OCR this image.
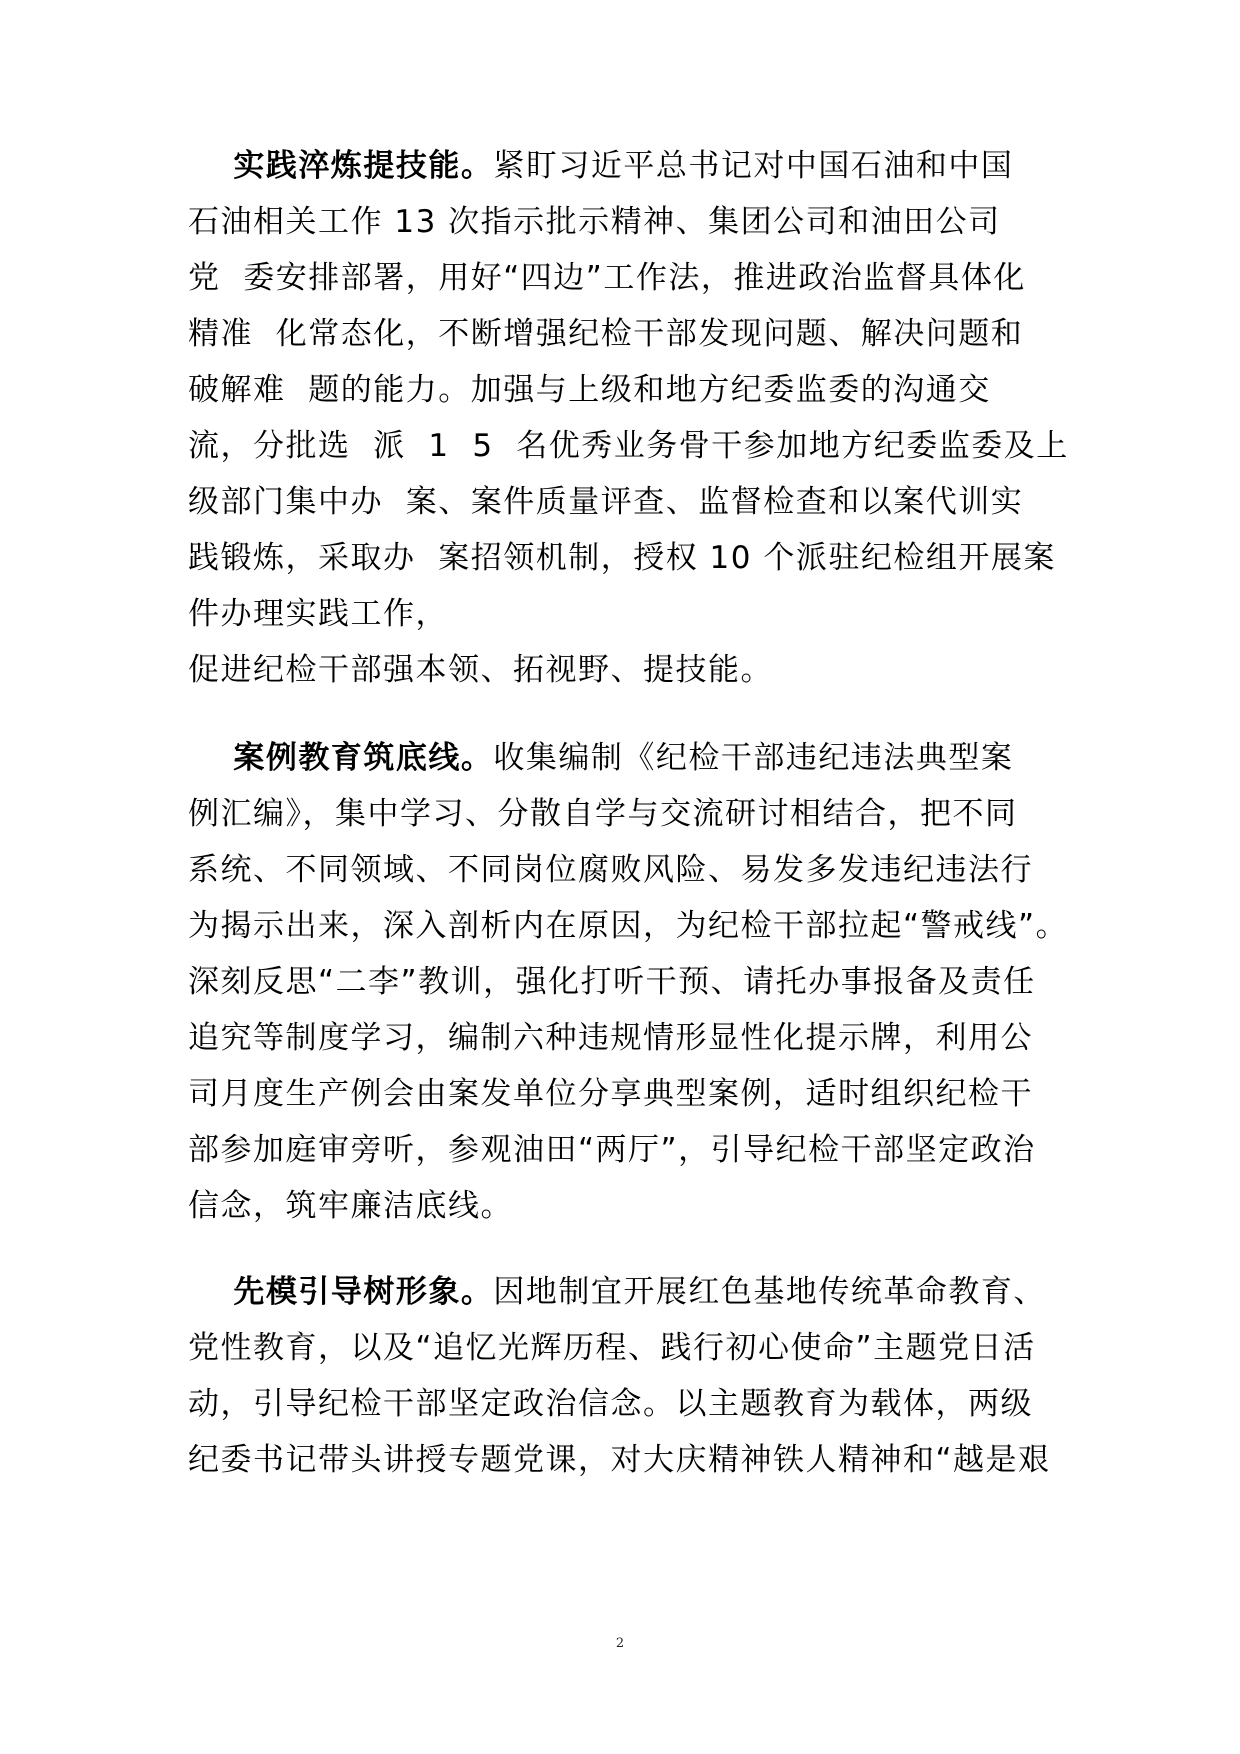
实践淬炼提技能。紧盯习近平总书记对中国石油和中国

石油相关工作 13 次指示批示精神、集团公司和油田公司

党  委安排部署，用好“四边”工作法，推进政治监督具体化

精准  化常态化，不断增强纪检干部发现问题、解决问题和

破解难  题的能力。加强与上级和地方纪委监委的沟通交

流，分批选  派  1  5  名优秀业务骨干参加地方纪委监委及上

级部门集中办  案、案件质量评查、监督检查和以案代训实

践锻炼，采取办  案招领机制，授权 10 个派驻纪检组开展案

件办理实践工作，

促进纪检干部强本领、拓视野、提技能。

案例教育筑底线。收集编制《纪检干部违纪违法典型案

例汇编》，集中学习、分散自学与交流研讨相结合，把不同

系统、不同领域、不同岗位腐败风险、易发多发违纪违法行

为揭示出来，深入剖析内在原因，为纪检干部拉起“警戒线”。

深刻反思“二李”教训，强化打听干预、请托办事报备及责任

追究等制度学习，编制六种违规情形显性化提示牌，利用公

司月度生产例会由案发单位分享典型案例，适时组织纪检干

部参加庭审旁听，参观油田“两厅”，引导纪检干部坚定政治

信念，筑牢廉洁底线。

先模引导树形象。因地制宜开展红色基地传统革命教育、

党性教育，以及“追忆光辉历程、践行初心使命”主题党日活

动，引导纪检干部坚定政治信念。以主题教育为载体，两级

纪委书记带头讲授专题党课，对大庆精神铁人精神和“越是艰

2
